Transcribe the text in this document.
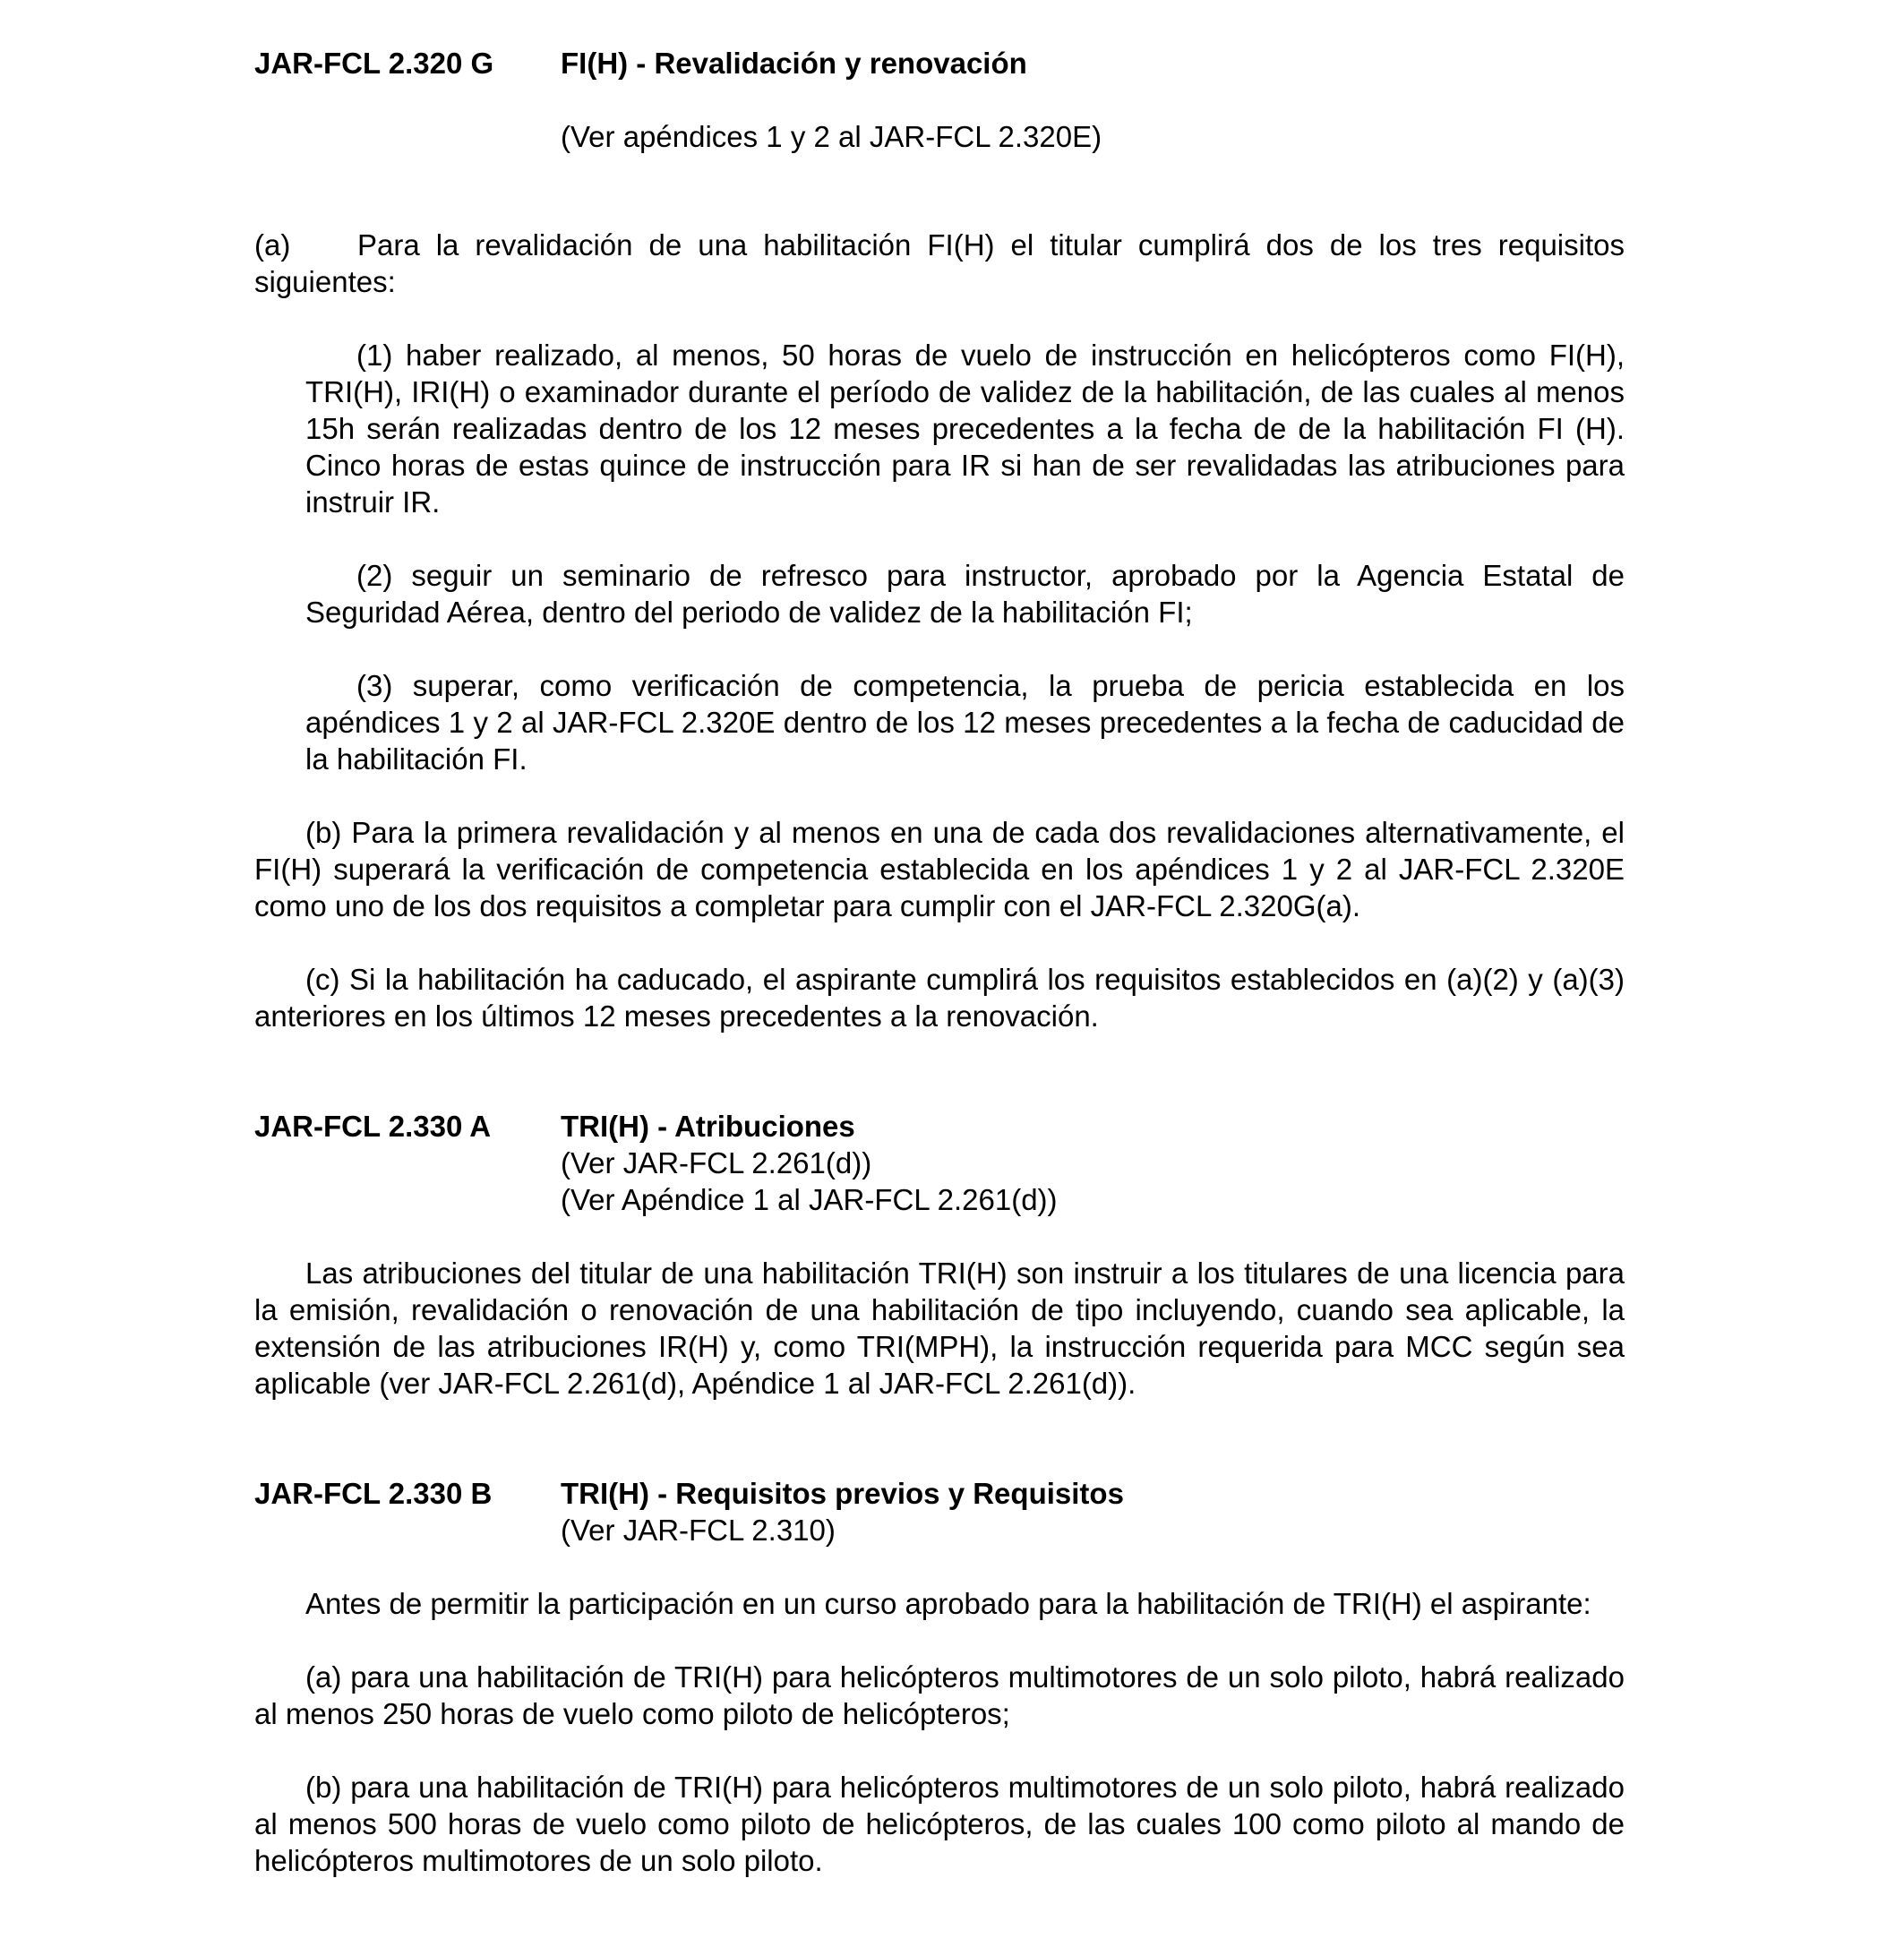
JAR-FCL 2.320 G	FI(H) - Revalidación y renovación
(Ver apéndices 1 y 2 al JAR-FCL 2.320E)

(a) Para la revalidación de una habilitación FI(H) el titular cumplirá dos de los tres requisitos siguientes:

(1) haber realizado, al menos, 50 horas de vuelo de instrucción en helicópteros como FI(H), TRI(H), IRI(H) o examinador durante el período de validez de la habilitación, de las cuales al menos 15h serán realizadas dentro de los 12 meses precedentes a la fecha de de la habilitación FI (H). Cinco horas de estas quince de instrucción para IR si han de ser revalidadas las atribuciones para instruir IR.

(2) seguir un seminario de refresco para instructor, aprobado por la Agencia Estatal de Seguridad Aérea, dentro del periodo de validez de la habilitación FI;

(3) superar, como verificación de competencia, la prueba de pericia establecida en los apéndices 1 y 2 al JAR-FCL 2.320E dentro de los 12 meses precedentes a la fecha de caducidad de la habilitación FI.

(b) Para la primera revalidación y al menos en una de cada dos revalidaciones alternativamente, el FI(H) superará la verificación de competencia establecida en los apéndices 1 y 2 al JAR-FCL 2.320E como uno de los dos requisitos a completar para cumplir con el JAR-FCL 2.320G(a).

(c) Si la habilitación ha caducado, el aspirante cumplirá los requisitos establecidos en (a)(2) y (a)(3) anteriores en los últimos 12 meses precedentes a la renovación.

JAR-FCL 2.330 A	TRI(H) - Atribuciones
(Ver JAR-FCL 2.261(d))
(Ver Apéndice 1 al JAR-FCL 2.261(d))

Las atribuciones del titular de una habilitación TRI(H) son instruir a los titulares de una licencia para la emisión, revalidación o renovación de una habilitación de tipo incluyendo, cuando sea aplicable, la extensión de las atribuciones IR(H) y, como TRI(MPH), la instrucción requerida para MCC según sea aplicable (ver JAR-FCL 2.261(d), Apéndice 1 al JAR-FCL 2.261(d)).

JAR-FCL 2.330 B	TRI(H) - Requisitos previos y Requisitos
(Ver JAR-FCL 2.310)

Antes de permitir la participación en un curso aprobado para la habilitación de TRI(H) el aspirante:

(a) para una habilitación de TRI(H) para helicópteros multimotores de un solo piloto, habrá realizado al menos 250 horas de vuelo como piloto de helicópteros;

(b) para una habilitación de TRI(H) para helicópteros multimotores de un solo piloto, habrá realizado al menos 500 horas de vuelo como piloto de helicópteros, de las cuales 100 como piloto al mando de helicópteros multimotores de un solo piloto.
